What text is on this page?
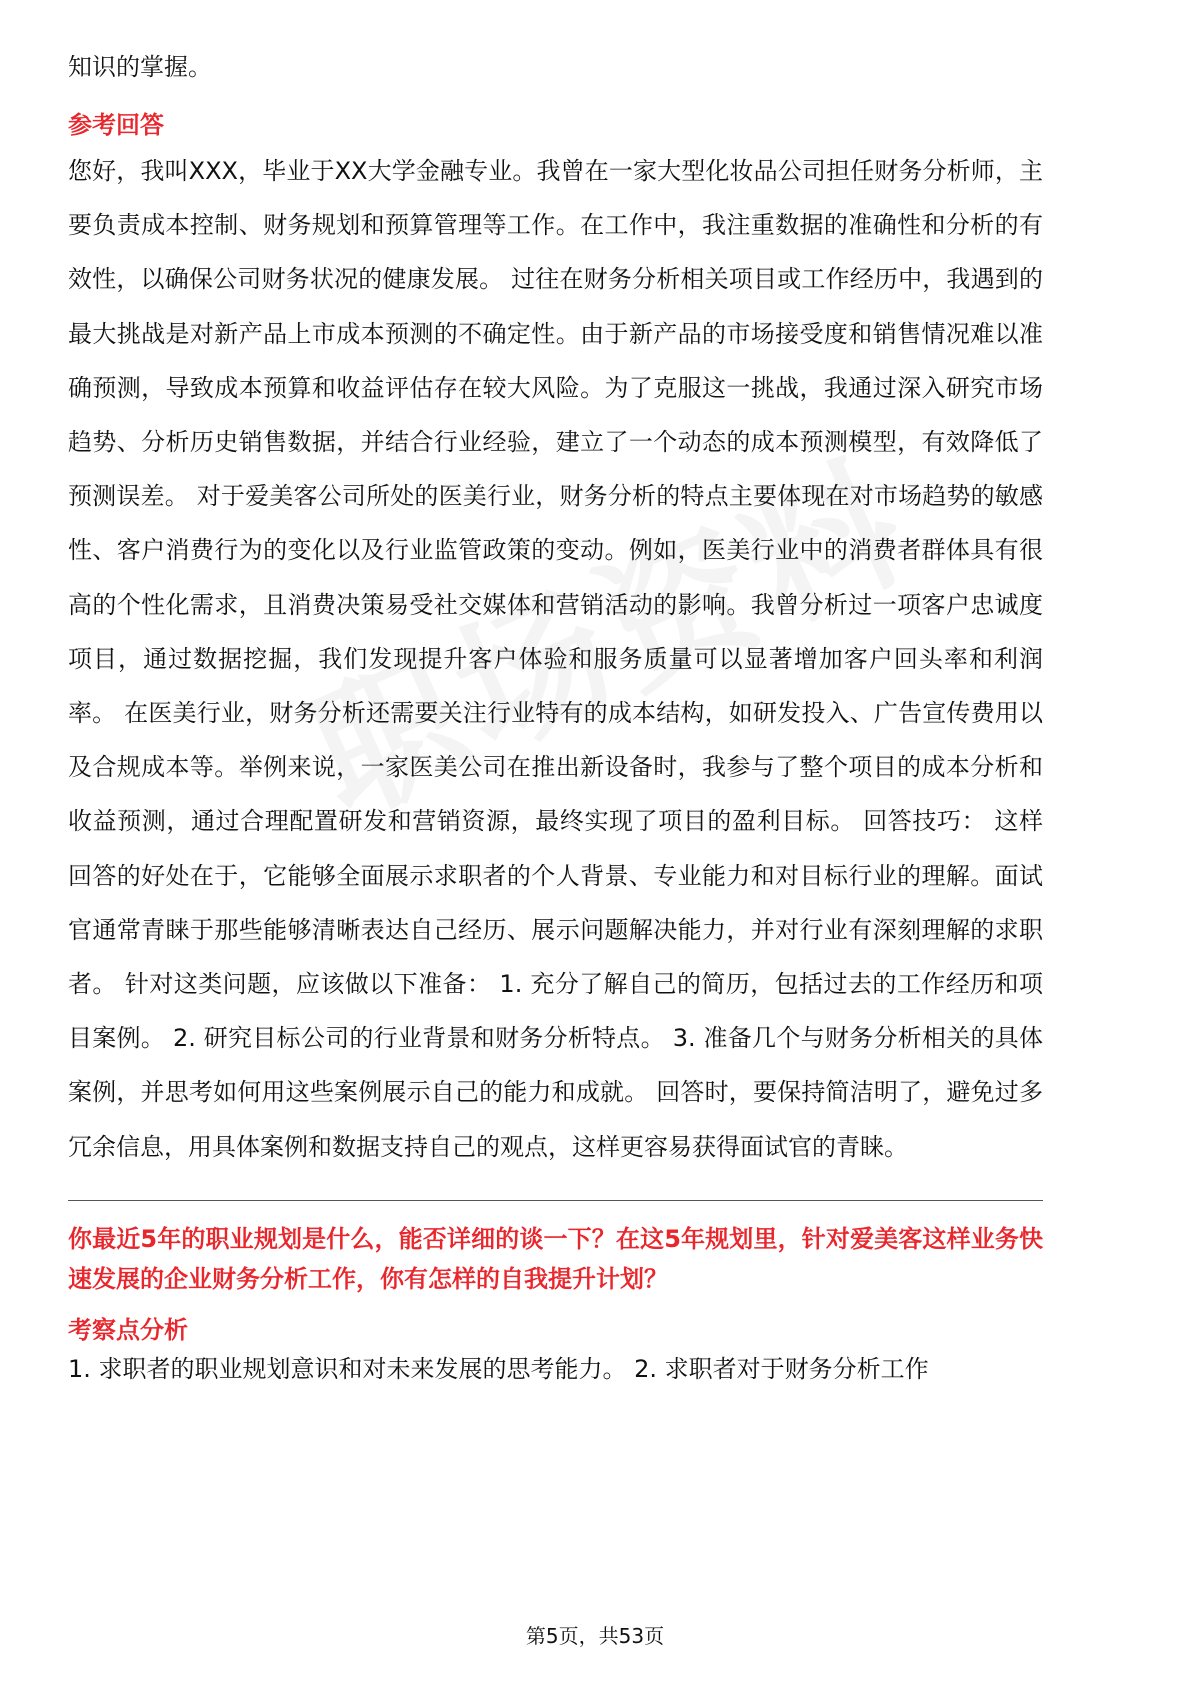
知识的掌握。

参考回答

您好，我叫XXX，毕业于XX大学金融专业。我曾在一家大型化妆品公司担任财务分析师，主要负责成本控制、财务规划和预算管理等工作。在工作中，我注重数据的准确性和分析的有效性，以确保公司财务状况的健康发展。 过往在财务分析相关项目或工作经历中，我遇到的最大挑战是对新产品上市成本预测的不确定性。由于新产品的市场接受度和销售情况难以准确预测，导致成本预算和收益评估存在较大风险。为了克服这一挑战，我通过深入研究市场趋势、分析历史销售数据，并结合行业经验，建立了一个动态的成本预测模型，有效降低了预测误差。 对于爱美客公司所处的医美行业，财务分析的特点主要体现在对市场趋势的敏感性、客户消费行为的变化以及行业监管政策的变动。例如，医美行业中的消费者群体具有很高的个性化需求，且消费决策易受社交媒体和营销活动的影响。我曾分析过一项客户忠诚度项目，通过数据挖掘，我们发现提升客户体验和服务质量可以显著增加客户回头率和利润率。 在医美行业，财务分析还需要关注行业特有的成本结构，如研发投入、广告宣传费用以及合规成本等。举例来说，一家医美公司在推出新设备时，我参与了整个项目的成本分析和收益预测，通过合理配置研发和营销资源，最终实现了项目的盈利目标。 回答技巧： 这样回答的好处在于，它能够全面展示求职者的个人背景、专业能力和对目标行业的理解。面试官通常青睐于那些能够清晰表达自己经历、展示问题解决能力，并对行业有深刻理解的求职者。 针对这类问题，应该做以下准备： 1. 充分了解自己的简历，包括过去的工作经历和项目案例。 2. 研究目标公司的行业背景和财务分析特点。 3. 准备几个与财务分析相关的具体案例，并思考如何用这些案例展示自己的能力和成就。 回答时，要保持简洁明了，避免过多冗余信息，用具体案例和数据支持自己的观点，这样更容易获得面试官的青睐。

你最近5年的职业规划是什么，能否详细的谈一下？在这5年规划里，针对爱美客这样业务快速发展的企业财务分析工作，你有怎样的自我提升计划？

考察点分析

1. 求职者的职业规划意识和对未来发展的思考能力。 2. 求职者对于财务分析工作

第5页，共53页
